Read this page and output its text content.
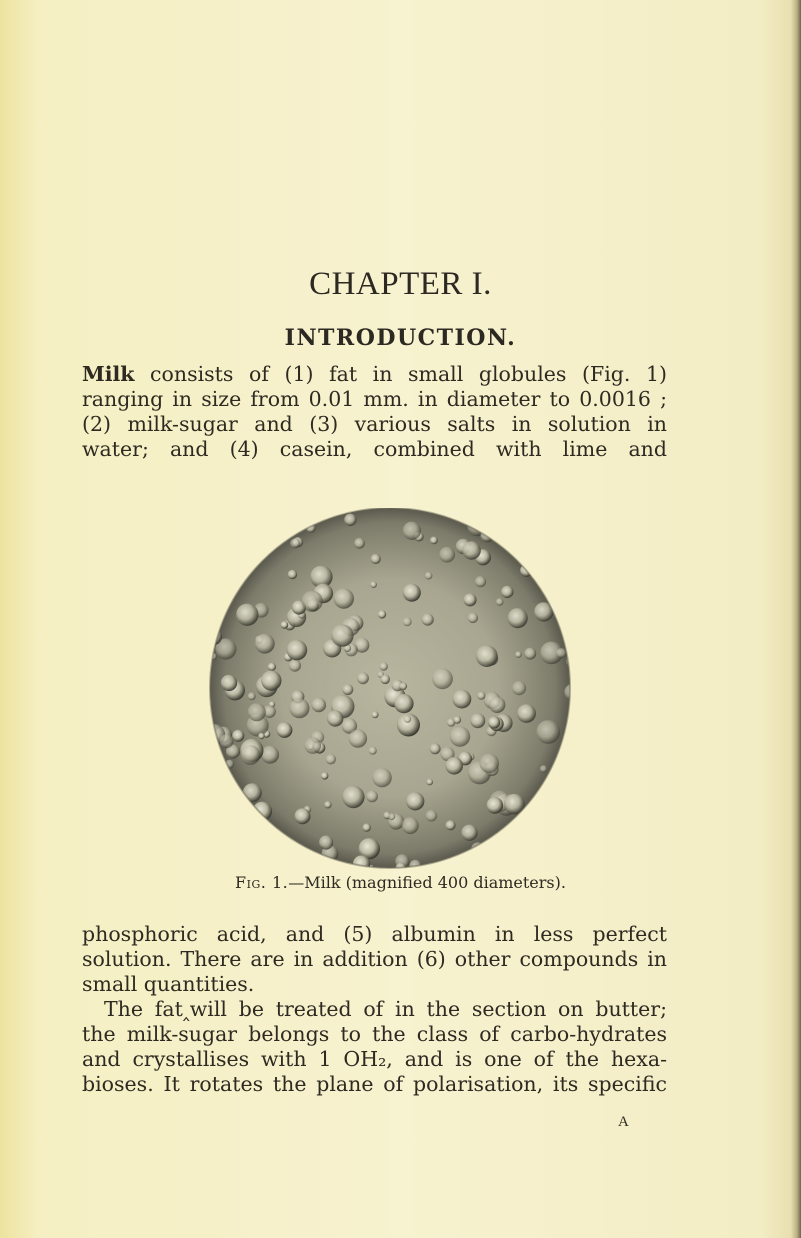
CHAPTER I.
INTRODUCTION.
Milk consists of (1) fat in small globules (Fig. 1)
ranging in size from 0.01 mm. in diameter to 0.0016 ;
(2) milk-sugar and (3) various salts in solution in
water; and (4) casein, combined with lime and
Fig. 1.—Milk (magnified 400 diameters).
phosphoric acid, and (5) albumin in less perfect
solution. There are in addition (6) other compounds in
small quantities.
The fat‸will be treated of in the section on butter;
the milk-sugar belongs to the class of carbo-hydrates
and crystallises with 1 OH₂, and is one of the hexa-
bioses. It rotates the plane of polarisation, its specific
A
